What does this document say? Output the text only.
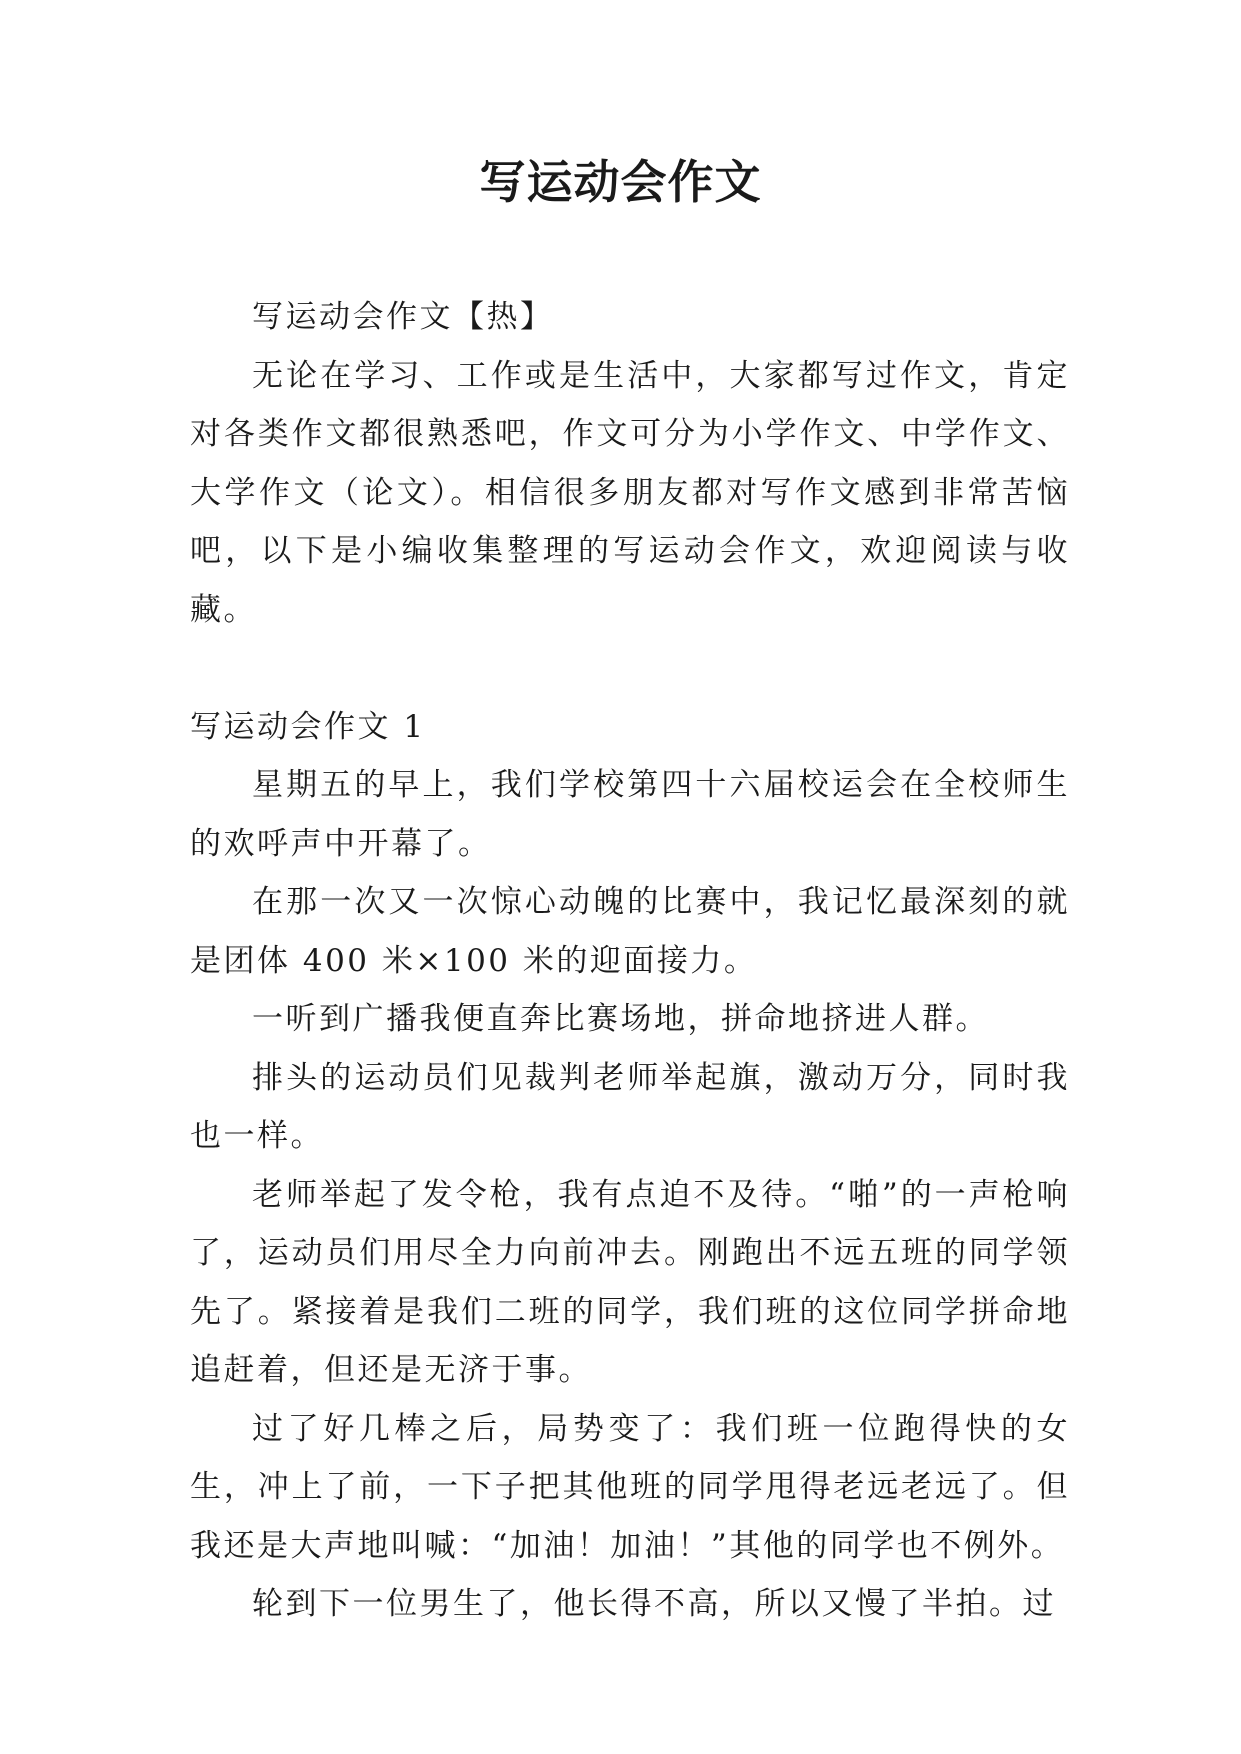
写运动会作文

写运动会作文【热】

无论在学习、工作或是生活中，大家都写过作文，肯定对各类作文都很熟悉吧，作文可分为小学作文、中学作文、大学作文（论文）。相信很多朋友都对写作文感到非常苦恼吧，以下是小编收集整理的写运动会作文，欢迎阅读与收藏。

写运动会作文 1

星期五的早上，我们学校第四十六届校运会在全校师生的欢呼声中开幕了。

在那一次又一次惊心动魄的比赛中，我记忆最深刻的就是团体 400 米×100 米的迎面接力。

一听到广播我便直奔比赛场地，拼命地挤进人群。

排头的运动员们见裁判老师举起旗，激动万分，同时我也一样。

老师举起了发令枪，我有点迫不及待。“啪”的一声枪响了，运动员们用尽全力向前冲去。刚跑出不远五班的同学领先了。紧接着是我们二班的同学，我们班的这位同学拼命地追赶着，但还是无济于事。

过了好几棒之后，局势变了：我们班一位跑得快的女生，冲上了前，一下子把其他班的同学甩得老远老远了。但我还是大声地叫喊：“加油！加油！”其他的同学也不例外。

轮到下一位男生了，他长得不高，所以又慢了半拍。过
